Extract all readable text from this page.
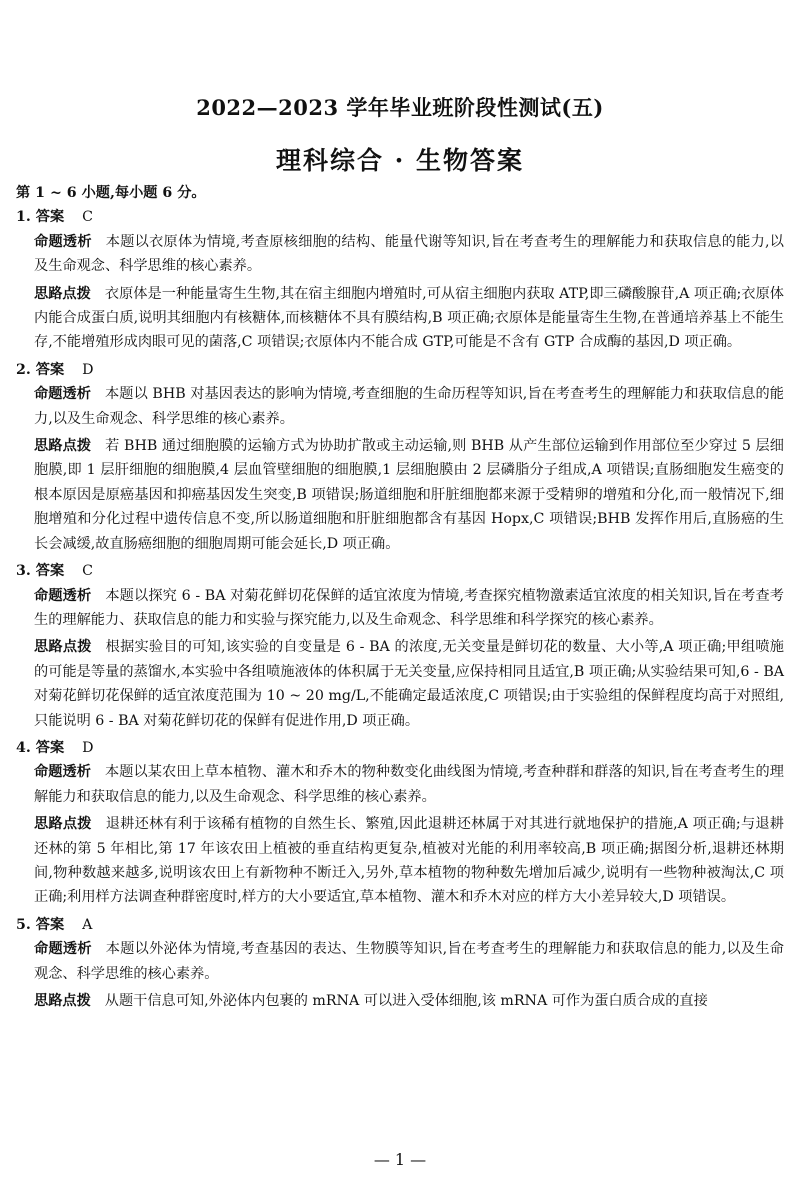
2022—2023 学年毕业班阶段性测试(五)
理科综合 · 生物答案

第 1 ~ 6 小题,每小题 6 分。

1. 答案 C

命题透析 本题以衣原体为情境,考查原核细胞的结构、能量代谢等知识,旨在考查考生的理解能力和获取信息的能力,以及生命观念、科学思维的核心素养。

思路点拨 衣原体是一种能量寄生生物,其在宿主细胞内增殖时,可从宿主细胞内获取 ATP,即三磷酸腺苷,A 项正确;衣原体内能合成蛋白质,说明其细胞内有核糖体,而核糖体不具有膜结构,B 项正确;衣原体是能量寄生生物,在普通培养基上不能生存,不能增殖形成肉眼可见的菌落,C 项错误;衣原体内不能合成 GTP,可能是不含有 GTP 合成酶的基因,D 项正确。

2. 答案 D

命题透析 本题以 BHB 对基因表达的影响为情境,考查细胞的生命历程等知识,旨在考查考生的理解能力和获取信息的能力,以及生命观念、科学思维的核心素养。

思路点拨 若 BHB 通过细胞膜的运输方式为协助扩散或主动运输,则 BHB 从产生部位运输到作用部位至少穿过 5 层细胞膜,即 1 层肝细胞的细胞膜,4 层血管壁细胞的细胞膜,1 层细胞膜由 2 层磷脂分子组成,A 项错误;直肠细胞发生癌变的根本原因是原癌基因和抑癌基因发生突变,B 项错误;肠道细胞和肝脏细胞都来源于受精卵的增殖和分化,而一般情况下,细胞增殖和分化过程中遗传信息不变,所以肠道细胞和肝脏细胞都含有基因 Hopx,C 项错误;BHB 发挥作用后,直肠癌的生长会减缓,故直肠癌细胞的细胞周期可能会延长,D 项正确。

3. 答案 C

命题透析 本题以探究 6 - BA 对菊花鲜切花保鲜的适宜浓度为情境,考查探究植物激素适宜浓度的相关知识,旨在考查考生的理解能力、获取信息的能力和实验与探究能力,以及生命观念、科学思维和科学探究的核心素养。

思路点拨 根据实验目的可知,该实验的自变量是 6 - BA 的浓度,无关变量是鲜切花的数量、大小等,A 项正确;甲组喷施的可能是等量的蒸馏水,本实验中各组喷施液体的体积属于无关变量,应保持相同且适宜,B 项正确;从实验结果可知,6 - BA 对菊花鲜切花保鲜的适宜浓度范围为 10 ~ 20 mg/L,不能确定最适浓度,C 项错误;由于实验组的保鲜程度均高于对照组,只能说明 6 - BA 对菊花鲜切花的保鲜有促进作用,D 项正确。

4. 答案 D

命题透析 本题以某农田上草本植物、灌木和乔木的物种数变化曲线图为情境,考查种群和群落的知识,旨在考查考生的理解能力和获取信息的能力,以及生命观念、科学思维的核心素养。

思路点拨 退耕还林有利于该稀有植物的自然生长、繁殖,因此退耕还林属于对其进行就地保护的措施,A 项正确;与退耕还林的第 5 年相比,第 17 年该农田上植被的垂直结构更复杂,植被对光能的利用率较高,B 项正确;据图分析,退耕还林期间,物种数越来越多,说明该农田上有新物种不断迁入,另外,草本植物的物种数先增加后减少,说明有一些物种被淘汰,C 项正确;利用样方法调查种群密度时,样方的大小要适宜,草本植物、灌木和乔木对应的样方大小差异较大,D 项错误。

5. 答案 A

命题透析 本题以外泌体为情境,考查基因的表达、生物膜等知识,旨在考查考生的理解能力和获取信息的能力,以及生命观念、科学思维的核心素养。

思路点拨 从题干信息可知,外泌体内包裹的 mRNA 可以进入受体细胞,该 mRNA 可作为蛋白质合成的直接

— 1 —
